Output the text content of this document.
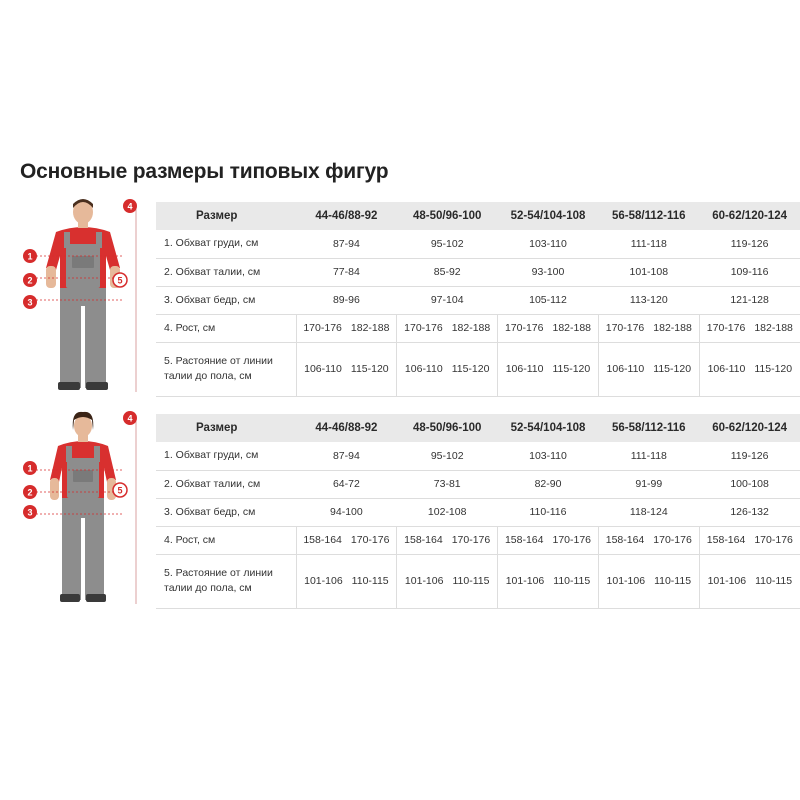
Основные размеры типовых фигур
1
2
3
4
5
Размер	44-46/88-92	48-50/96-100	52-54/104-108	56-58/112-116	60-62/120-124
1. Обхват груди, см	87-94	95-102	103-110	111-118	119-126
2. Обхват талии, см	77-84	85-92	93-100	101-108	109-116
3. Обхват бедр, см	89-96	97-104	105-112	113-120	121-128
4. Рост, см	170-176 182-188	170-176 182-188	170-176 182-188	170-176 182-188	170-176 182-188

5. Растояние от линии талии до пола, см	106-110 115-120	106-110 115-120	106-110 115-120	106-110 115-120	106-110 115-120
1
2
3
4
5
Размер	44-46/88-92	48-50/96-100	52-54/104-108	56-58/112-116	60-62/120-124
1. Обхват груди, см	87-94	95-102	103-110	111-118	119-126
2. Обхват талии, см	64-72	73-81	82-90	91-99	100-108
3. Обхват бедр, см	94-100	102-108	110-116	118-124	126-132
4. Рост, см	158-164 170-176	158-164 170-176	158-164 170-176	158-164 170-176	158-164 170-176

5. Растояние от линии талии до пола, см	101-106 110-115	101-106 110-115	101-106 110-115	101-106 110-115	101-106 110-115
